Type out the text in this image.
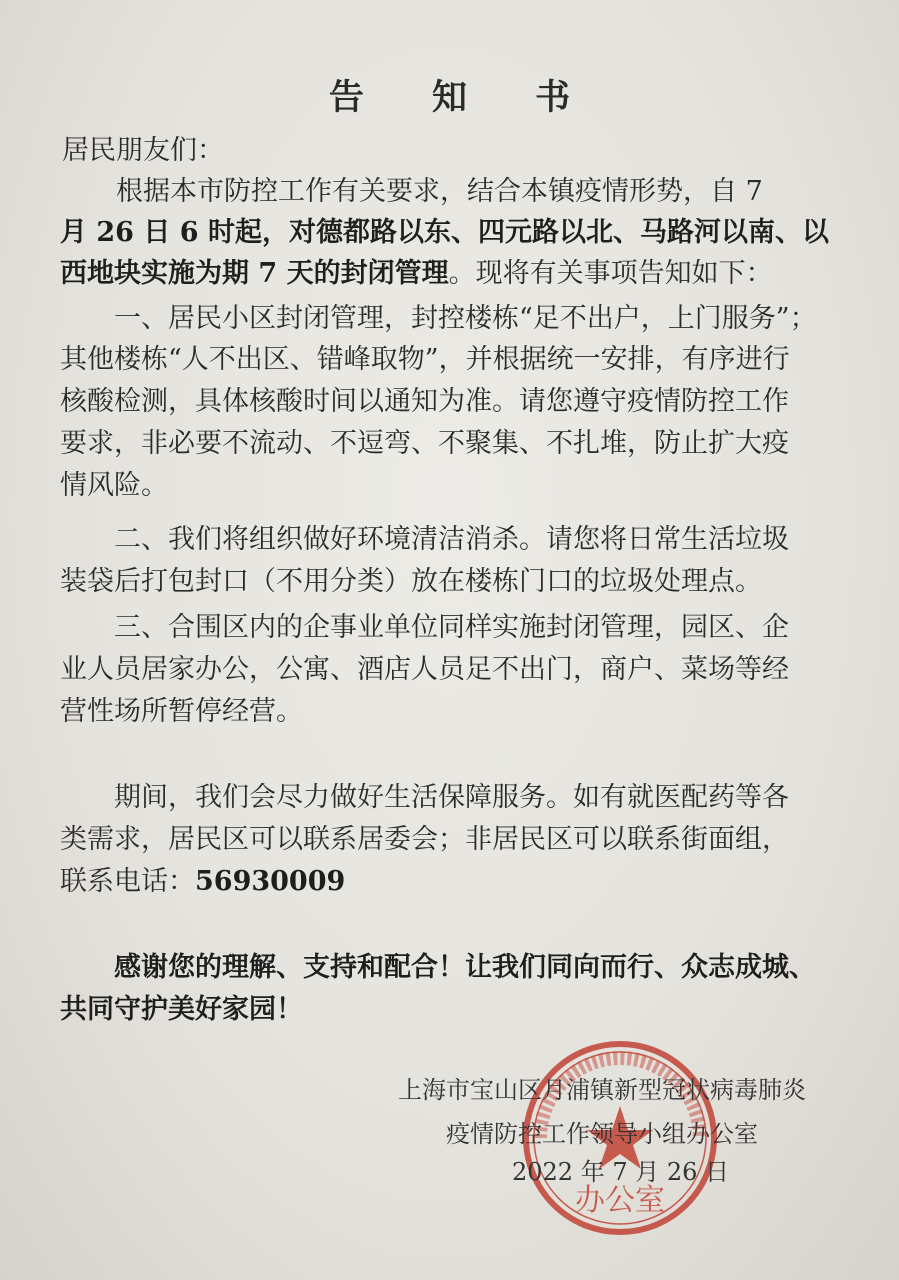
告 知 书
居民朋友们：
根据本市防控工作有关要求，结合本镇疫情形势，自 7
月 26 日 6 时起，对德都路以东、四元路以北、马路河以南、以
西地块实施为期 7 天的封闭管理。现将有关事项告知如下：
一、居民小区封闭管理，封控楼栋“足不出户，上门服务”；
其他楼栋“人不出区、错峰取物”，并根据统一安排，有序进行
核酸检测，具体核酸时间以通知为准。请您遵守疫情防控工作
要求，非必要不流动、不逗弯、不聚集、不扎堆，防止扩大疫
情风险。
二、我们将组织做好环境清洁消杀。请您将日常生活垃圾
装袋后打包封口（不用分类）放在楼栋门口的垃圾处理点。
三、合围区内的企事业单位同样实施封闭管理，园区、企
业人员居家办公，公寓、酒店人员足不出门，商户、菜场等经
营性场所暂停经营。
期间，我们会尽力做好生活保障服务。如有就医配药等各
类需求，居民区可以联系居委会；非居民区可以联系街面组，
联系电话：56930009
感谢您的理解、支持和配合！让我们同向而行、众志成城、
共同守护美好家园！
办公室
上海市宝山区月浦镇新型冠状病毒肺炎
疫情防控工作领导小组办公室
2022 年 7 月 26 日
